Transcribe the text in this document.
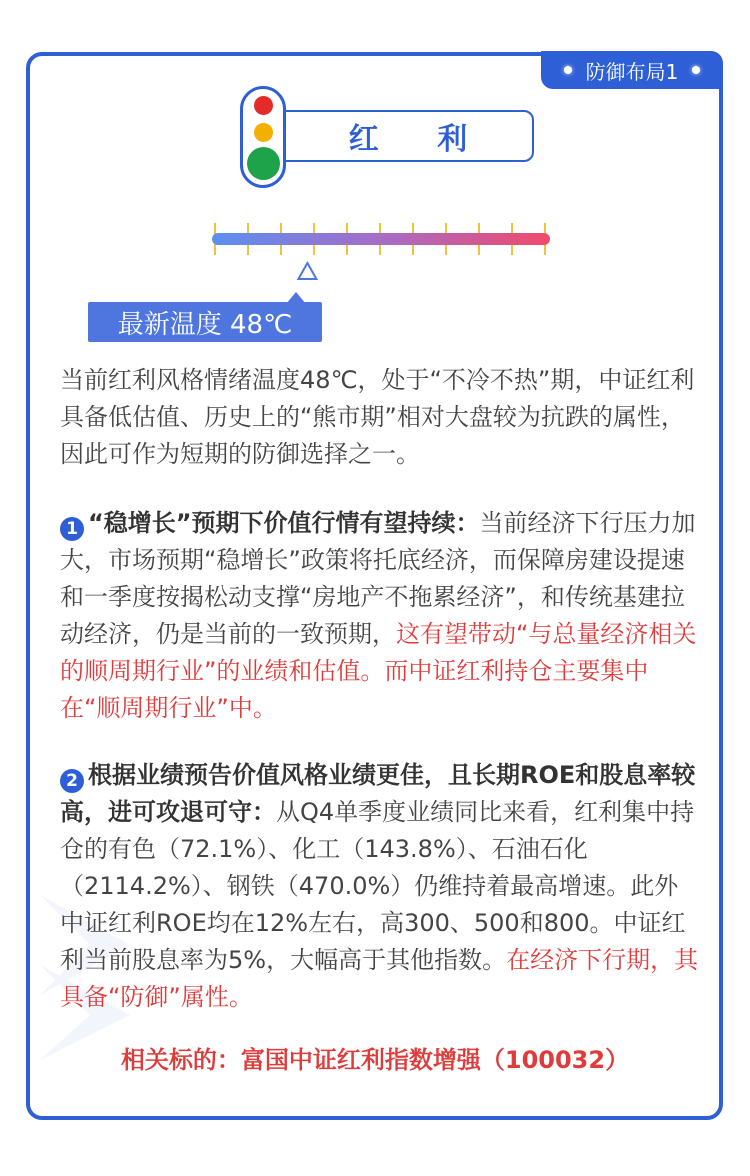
防御布局1
红 利
最新温度 48℃
当前红利风格情绪温度48℃，处于“不冷不热”期，中证红利具备低估值、历史上的“熊市期”相对大盘较为抗跌的属性，因此可作为短期的防御选择之一。
1 “稳增长”预期下价值行情有望持续：当前经济下行压力加大，市场预期“稳增长”政策将托底经济，而保障房建设提速和一季度按揭松动支撑“房地产不拖累经济”，和传统基建拉动经济，仍是当前的一致预期，这有望带动“与总量经济相关的顺周期行业”的业绩和估值。而中证红利持仓主要集中在“顺周期行业”中。
2 根据业绩预告价值风格业绩更佳，且长期ROE和股息率较高，进可攻退可守：从Q4单季度业绩同比来看，红利集中持仓的有色（72.1%）、化工（143.8%）、石油石化（2114.2%）、钢铁（470.0%）仍维持着最高增速。此外中证红利ROE均在12%左右，高300、500和800。中证红利当前股息率为5%，大幅高于其他指数。在经济下行期，其具备“防御”属性。
相关标的：富国中证红利指数增强（100032）
